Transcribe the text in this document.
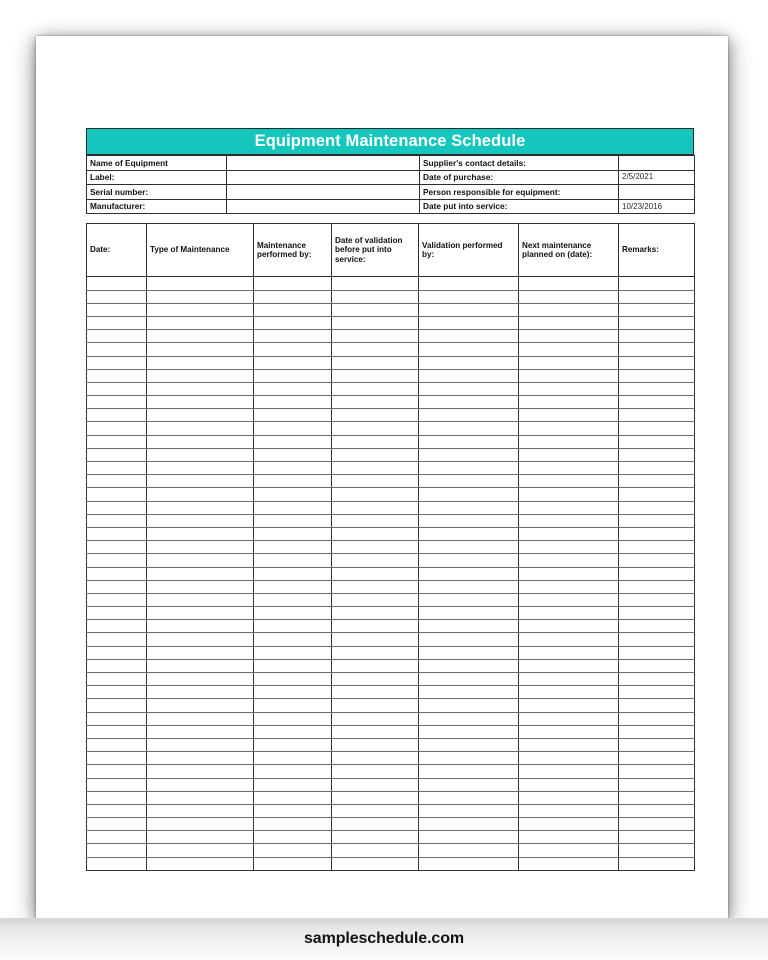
Equipment Maintenance Schedule
Name of Equipment		Supplier's contact details:	
Label:		Date of purchase:	2/5/2021
Serial number:		Person responsible for equipment:	
Manufacturer:		Date put into service:	10/23/2016
Date:	Type of Maintenance	Maintenance performed by:	Date of validation before put into service:	Validation performed by:	Next maintenance planned on (date):	Remarks:

sampleschedule.com
